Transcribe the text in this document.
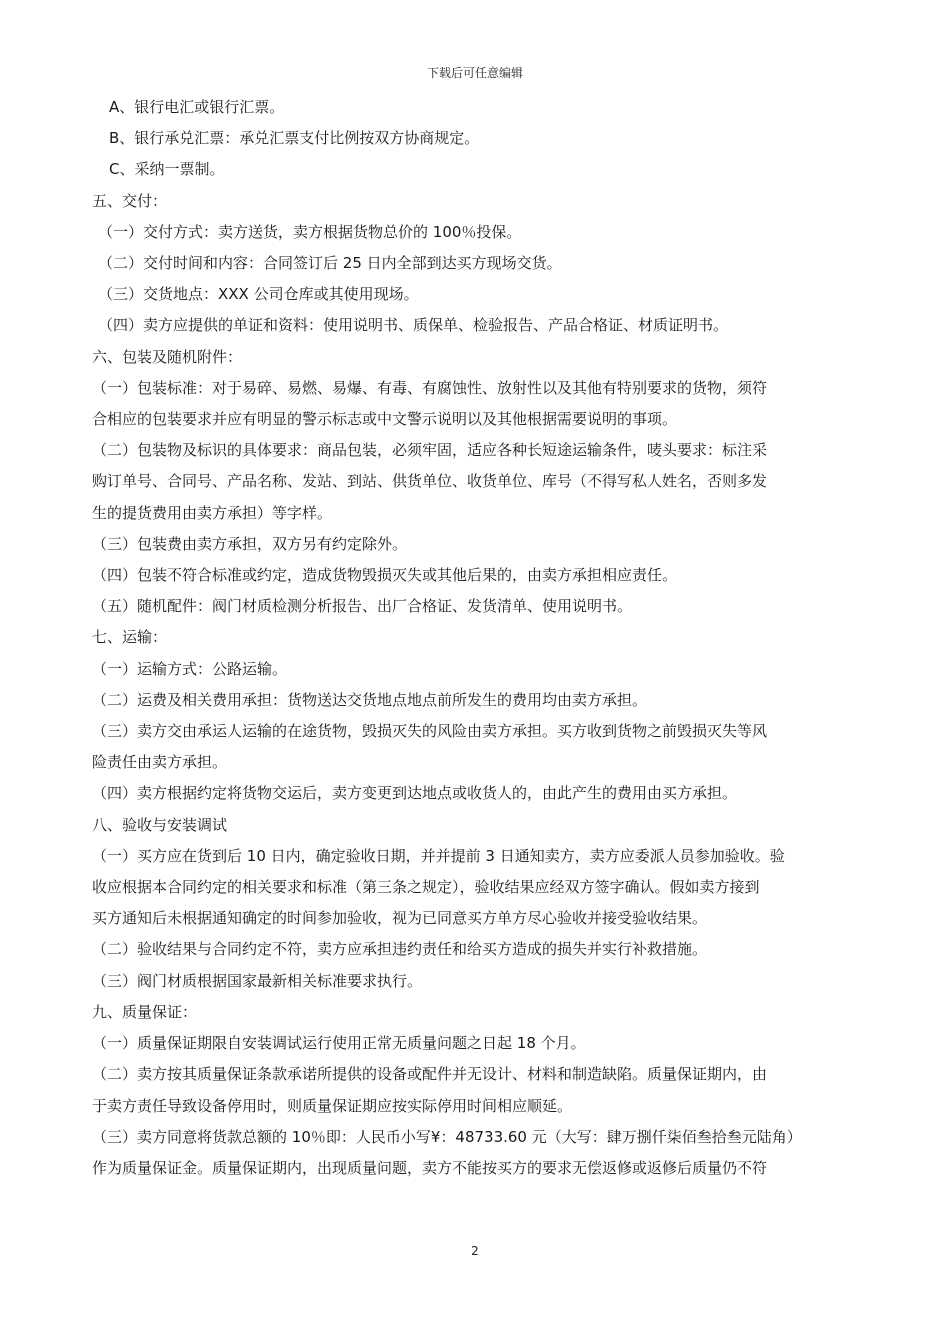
下载后可任意编辑
A、银行电汇或银行汇票。
B、银行承兑汇票：承兑汇票支付比例按双方协商规定。
C、采纳一票制。
五、交付：
（一）交付方式：卖方送货，卖方根据货物总价的 100％投保。
（二）交付时间和内容：合同签订后 25 日内全部到达买方现场交货。
（三）交货地点：XXX 公司仓库或其使用现场。
（四）卖方应提供的单证和资料：使用说明书、质保单、检验报告、产品合格证、材质证明书。
六、包装及随机附件：
（一）包装标准：对于易碎、易燃、易爆、有毒、有腐蚀性、放射性以及其他有特别要求的货物，须符
合相应的包装要求并应有明显的警示标志或中文警示说明以及其他根据需要说明的事项。
（二）包装物及标识的具体要求：商品包装，必须牢固，适应各种长短途运输条件，唛头要求：标注采
购订单号、合同号、产品名称、发站、到站、供货单位、收货单位、库号（不得写私人姓名，否则多发
生的提货费用由卖方承担）等字样。
（三）包装费由卖方承担，双方另有约定除外。
（四）包装不符合标准或约定，造成货物毁损灭失或其他后果的，由卖方承担相应责任。
（五）随机配件：阀门材质检测分析报告、出厂合格证、发货清单、使用说明书。
七、运输：
（一）运输方式：公路运输。
（二）运费及相关费用承担：货物送达交货地点地点前所发生的费用均由卖方承担。
（三）卖方交由承运人运输的在途货物，毁损灭失的风险由卖方承担。买方收到货物之前毁损灭失等风
险责任由卖方承担。
（四）卖方根据约定将货物交运后，卖方变更到达地点或收货人的，由此产生的费用由买方承担。
八、验收与安装调试
（一）买方应在货到后 10 日内，确定验收日期，并并提前 3 日通知卖方，卖方应委派人员参加验收。验
收应根据本合同约定的相关要求和标准（第三条之规定），验收结果应经双方签字确认。假如卖方接到
买方通知后未根据通知确定的时间参加验收，视为已同意买方单方尽心验收并接受验收结果。
（二）验收结果与合同约定不符，卖方应承担违约责任和给买方造成的损失并实行补救措施。
（三）阀门材质根据国家最新相关标准要求执行。
九、质量保证：
（一）质量保证期限自安装调试运行使用正常无质量问题之日起 18 个月。
（二）卖方按其质量保证条款承诺所提供的设备或配件并无设计、材料和制造缺陷。质量保证期内，由
于卖方责任导致设备停用时，则质量保证期应按实际停用时间相应顺延。
（三）卖方同意将货款总额的 10％即：人民币小写¥：48733.60 元（大写：肆万捌仟柒佰叁拾叁元陆角）
作为质量保证金。质量保证期内，出现质量问题，卖方不能按买方的要求无偿返修或返修后质量仍不符
2
